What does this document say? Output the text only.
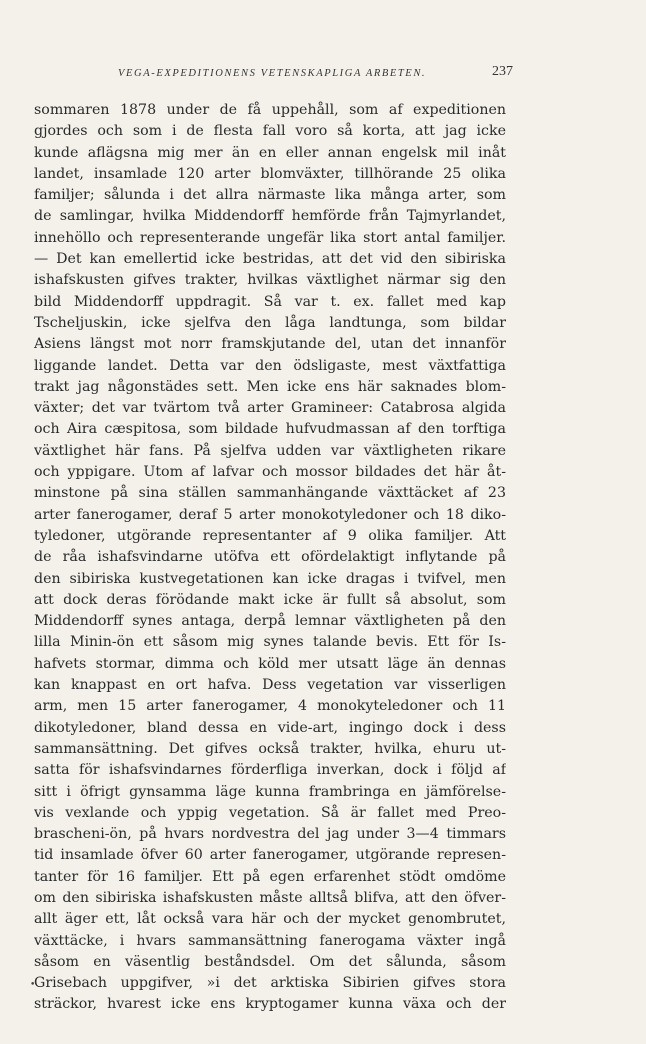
VEGA-EXPEDITIONENS VETENSKAPLIGA ARBETEN.	237
sommaren 1878 under de få uppehåll, som af expeditionen
gjordes och som i de flesta fall voro så korta, att jag icke
kunde aflägsna mig mer än en eller annan engelsk mil inåt
landet, insamlade 120 arter blomväxter, tillhörande 25 olika
familjer; sålunda i det allra närmaste lika många arter, som
de samlingar, hvilka Middendorff hemförde från Tajmyrlandet,
innehöllo och representerande ungefär lika stort antal familjer.
— Det kan emellertid icke bestridas, att det vid den sibiriska
ishafskusten gifves trakter, hvilkas växtlighet närmar sig den
bild Middendorff uppdragit. Så var t. ex. fallet med kap
Tscheljuskin, icke sjelfva den låga landtunga, som bildar
Asiens längst mot norr framskjutande del, utan det innanför
liggande landet. Detta var den ödsligaste, mest växtfattiga
trakt jag någonstädes sett. Men icke ens här saknades blom-
växter; det var tvärtom två arter Gramineer: Catabrosa algida
och Aira cæspitosa, som bildade hufvudmassan af den torftiga
växtlighet här fans. På sjelfva udden var växtligheten rikare
och yppigare. Utom af lafvar och mossor bildades det här åt-
minstone på sina ställen sammanhängande växttäcket af 23
arter fanerogamer, deraf 5 arter monokotyledoner och 18 diko-
tyledoner, utgörande representanter af 9 olika familjer. Att
de råa ishafsvindarne utöfva ett ofördelaktigt inflytande på
den sibiriska kustvegetationen kan icke dragas i tvifvel, men
att dock deras förödande makt icke är fullt så absolut, som
Middendorff synes antaga, derpå lemnar växtligheten på den
lilla Minin-ön ett såsom mig synes talande bevis. Ett för Is-
hafvets stormar, dimma och köld mer utsatt läge än dennas
kan knappast en ort hafva. Dess vegetation var visserligen
arm, men 15 arter fanerogamer, 4 monokyteledoner och 11
dikotyledoner, bland dessa en vide-art, ingingo dock i dess
sammansättning. Det gifves också trakter, hvilka, ehuru ut-
satta för ishafsvindarnes förderfliga inverkan, dock i följd af
sitt i öfrigt gynsamma läge kunna frambringa en jämförelse-
vis vexlande och yppig vegetation. Så är fallet med Preo-
brascheni-ön, på hvars nordvestra del jag under 3—4 timmars
tid insamlade öfver 60 arter fanerogamer, utgörande represen-
tanter för 16 familjer. Ett på egen erfarenhet stödt omdöme
om den sibiriska ishafskusten måste alltså blifva, att den öfver-
allt äger ett, låt också vara här och der mycket genombrutet,
växttäcke, i hvars sammansättning fanerogama växter ingå
såsom en väsentlig beståndsdel. Om det sålunda, såsom
Grisebach uppgifver, »i det arktiska Sibirien gifves stora
sträckor, hvarest icke ens kryptogamer kunna växa och der
•
